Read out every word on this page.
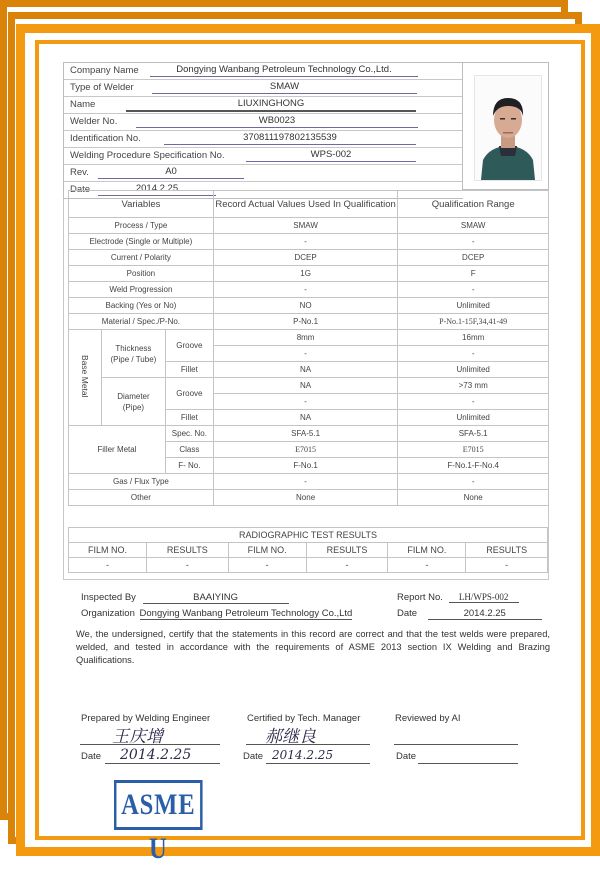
Company Name	Dongying Wanbang Petroleum Technology Co.,Ltd.
Type of Welder	SMAW
Name	LIUXINGHONG
Welder No.	WB0023
Identification No.	370811197802135539
Welding Procedure Specification No.	WPS-002
Rev.	A0
Date	2014.2.25
Variables			Record Actual Values Used In Qualification	Qualification Range
Process / Type			SMAW	SMAW
Electrode (Single or Multiple)			-	-
Current / Polarity			DCEP	DCEP
Position			1G	F
Weld Progression			-	-
Backing (Yes or No)			NO	Unlimited
Material / Spec./P-No.			P-No.1	P-No.1-15F,34,41-49
Base Metal	Thickness (Pipe / Tube)	Groove	8mm	16mm
			-	-
		Fillet	NA	Unlimited
	Diameter (Pipe)	Groove	NA	>73 mm
			-	-
		Fillet	NA	Unlimited
Filler Metal		Spec. No.	SFA-5.1	SFA-5.1
		Class	E7015	E7015
		F- No.	F-No.1	F-No.1-F-No.4
Gas / Flux Type			-	-
Other			None	None
RADIOGRAPHIC TEST RESULTS					
FILM NO.	RESULTS	FILM NO.	RESULTS	FILM NO.	RESULTS
-	-	-	-	-	-
Inspected By	BAAIYING	Report No. LH/WPS-002
Organization Dongying Wanbang Petroleum Technology Co.,Ltd	Date	2014.2.25
We, the undersigned, certify that the statements in this record are correct and that the test welds were prepared, welded, and tested in accordance with the requirements of ASME 2013 section IX Welding and Brazing Qualifications.
Prepared by Welding Engineer
王庆增
Date 2014.2.25
Certified by Tech. Manager
郝继良
Date 2014.2.25
Reviewed by AI
Date
ASME U
